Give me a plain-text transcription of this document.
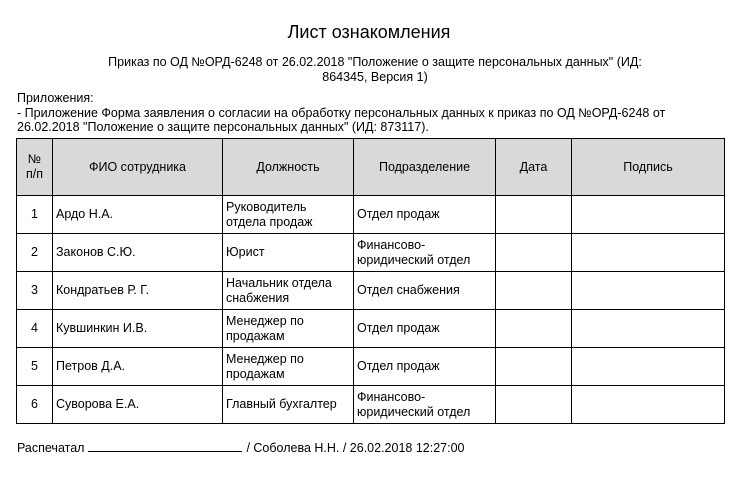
Лист ознакомления
Приказ по ОД №ОРД-6248 от 26.02.2018 "Положение о защите персональных данных" (ИД:
864345, Версия 1)
Приложения:
- Приложение Форма заявления о согласии на обработку персональных данных к приказ по ОД №ОРД-6248 от
26.02.2018 "Положение о защите персональных данных" (ИД: 873117).
№
п/п	ФИО сотрудника	Должность	Подразделение	Дата	Подпись
1	Ардо Н.А.	Руководитель
отдела продаж	Отдел продаж		

2	Законов С.Ю.	Юрист	Финансово-
юридический отдел		

3	Кондратьев Р. Г.	Начальник отдела
снабжения	Отдел снабжения		

4	Кувшинкин И.В.	Менеджер по
продажам	Отдел продаж		

5	Петров Д.А.	Менеджер по
продажам	Отдел продаж		

6	Суворова Е.А.	Главный бухгалтер	Финансово-
юридический отдел		

Распечатал	/ Соболева Н.Н. / 26.02.2018 12:27:00
